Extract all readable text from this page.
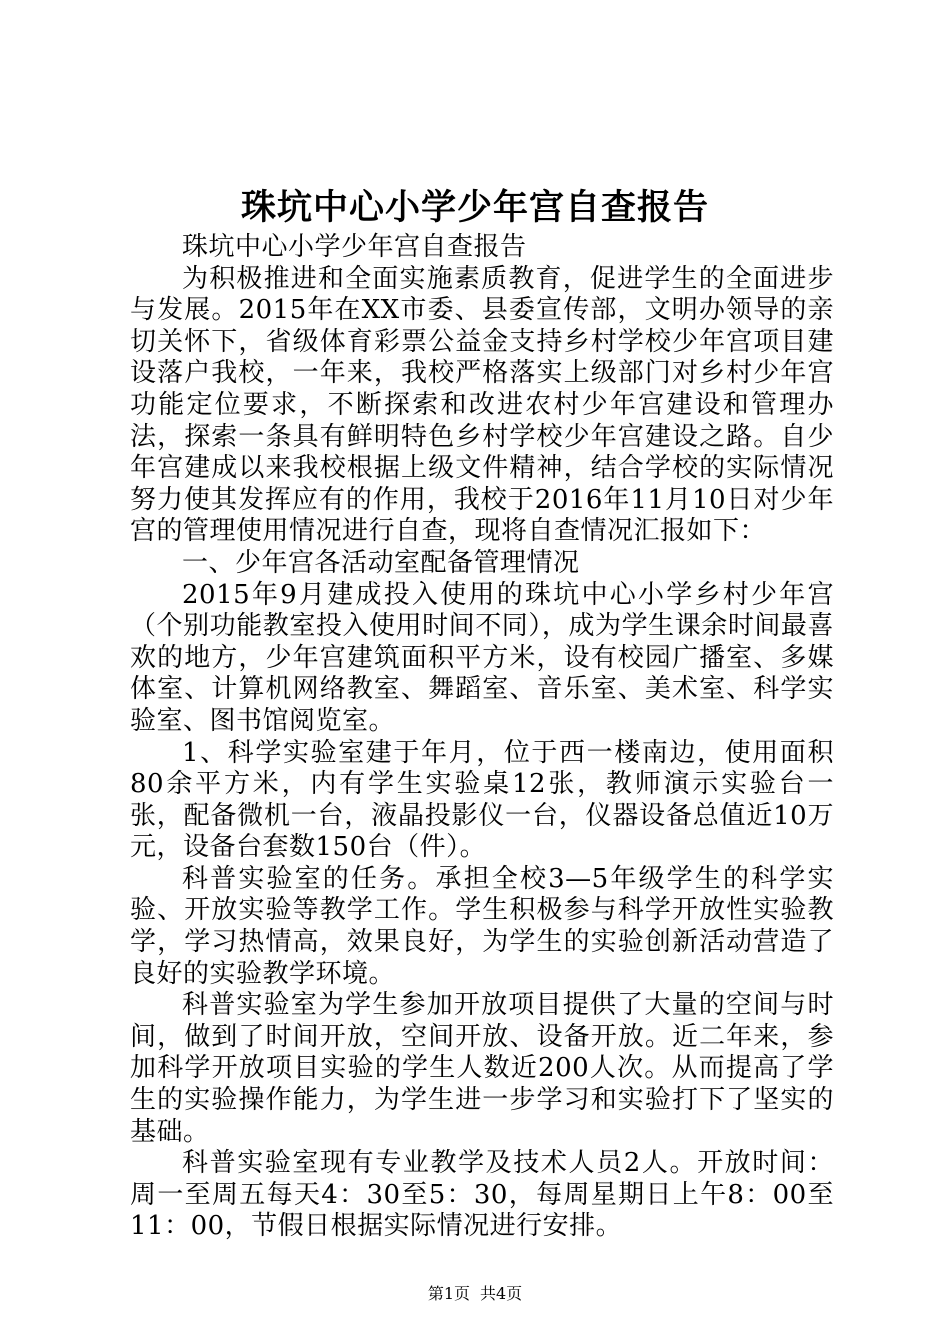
珠坑中心小学少年宫自查报告

珠坑中心小学少年宫自查报告

为积极推进和全面实施素质教育，促进学生的全面进步与发展。2015年在XX市委、县委宣传部，文明办领导的亲切关怀下，省级体育彩票公益金支持乡村学校少年宫项目建设落户我校，一年来，我校严格落实上级部门对乡村少年宫功能定位要求，不断探索和改进农村少年宫建设和管理办法，探索一条具有鲜明特色乡村学校少年宫建设之路。自少年宫建成以来我校根据上级文件精神，结合学校的实际情况努力使其发挥应有的作用，我校于2016年11月10日对少年宫的管理使用情况进行自查，现将自查情况汇报如下：

一、少年宫各活动室配备管理情况

2015年9月建成投入使用的珠坑中心小学乡村少年宫（个别功能教室投入使用时间不同），成为学生课余时间最喜欢的地方，少年宫建筑面积平方米，设有校园广播室、多媒体室、计算机网络教室、舞蹈室、音乐室、美术室、科学实验室、图书馆阅览室。

1、科学实验室建于年月，位于西一楼南边，使用面积80余平方米，内有学生实验桌12张，教师演示实验台一张，配备微机一台，液晶投影仪一台，仪器设备总值近10万元，设备台套数150台（件）。

科普实验室的任务。承担全校3—5年级学生的科学实验、开放实验等教学工作。学生积极参与科学开放性实验教学，学习热情高，效果良好，为学生的实验创新活动营造了良好的实验教学环境。

科普实验室为学生参加开放项目提供了大量的空间与时间，做到了时间开放，空间开放、设备开放。近二年来，参加科学开放项目实验的学生人数近200人次。从而提高了学生的实验操作能力，为学生进一步学习和实验打下了坚实的基础。

科普实验室现有专业教学及技术人员2人。开放时间：周一至周五每天4：30至5：30，每周星期日上午8：00至11：00，节假日根据实际情况进行安排。

第1页 共4页
